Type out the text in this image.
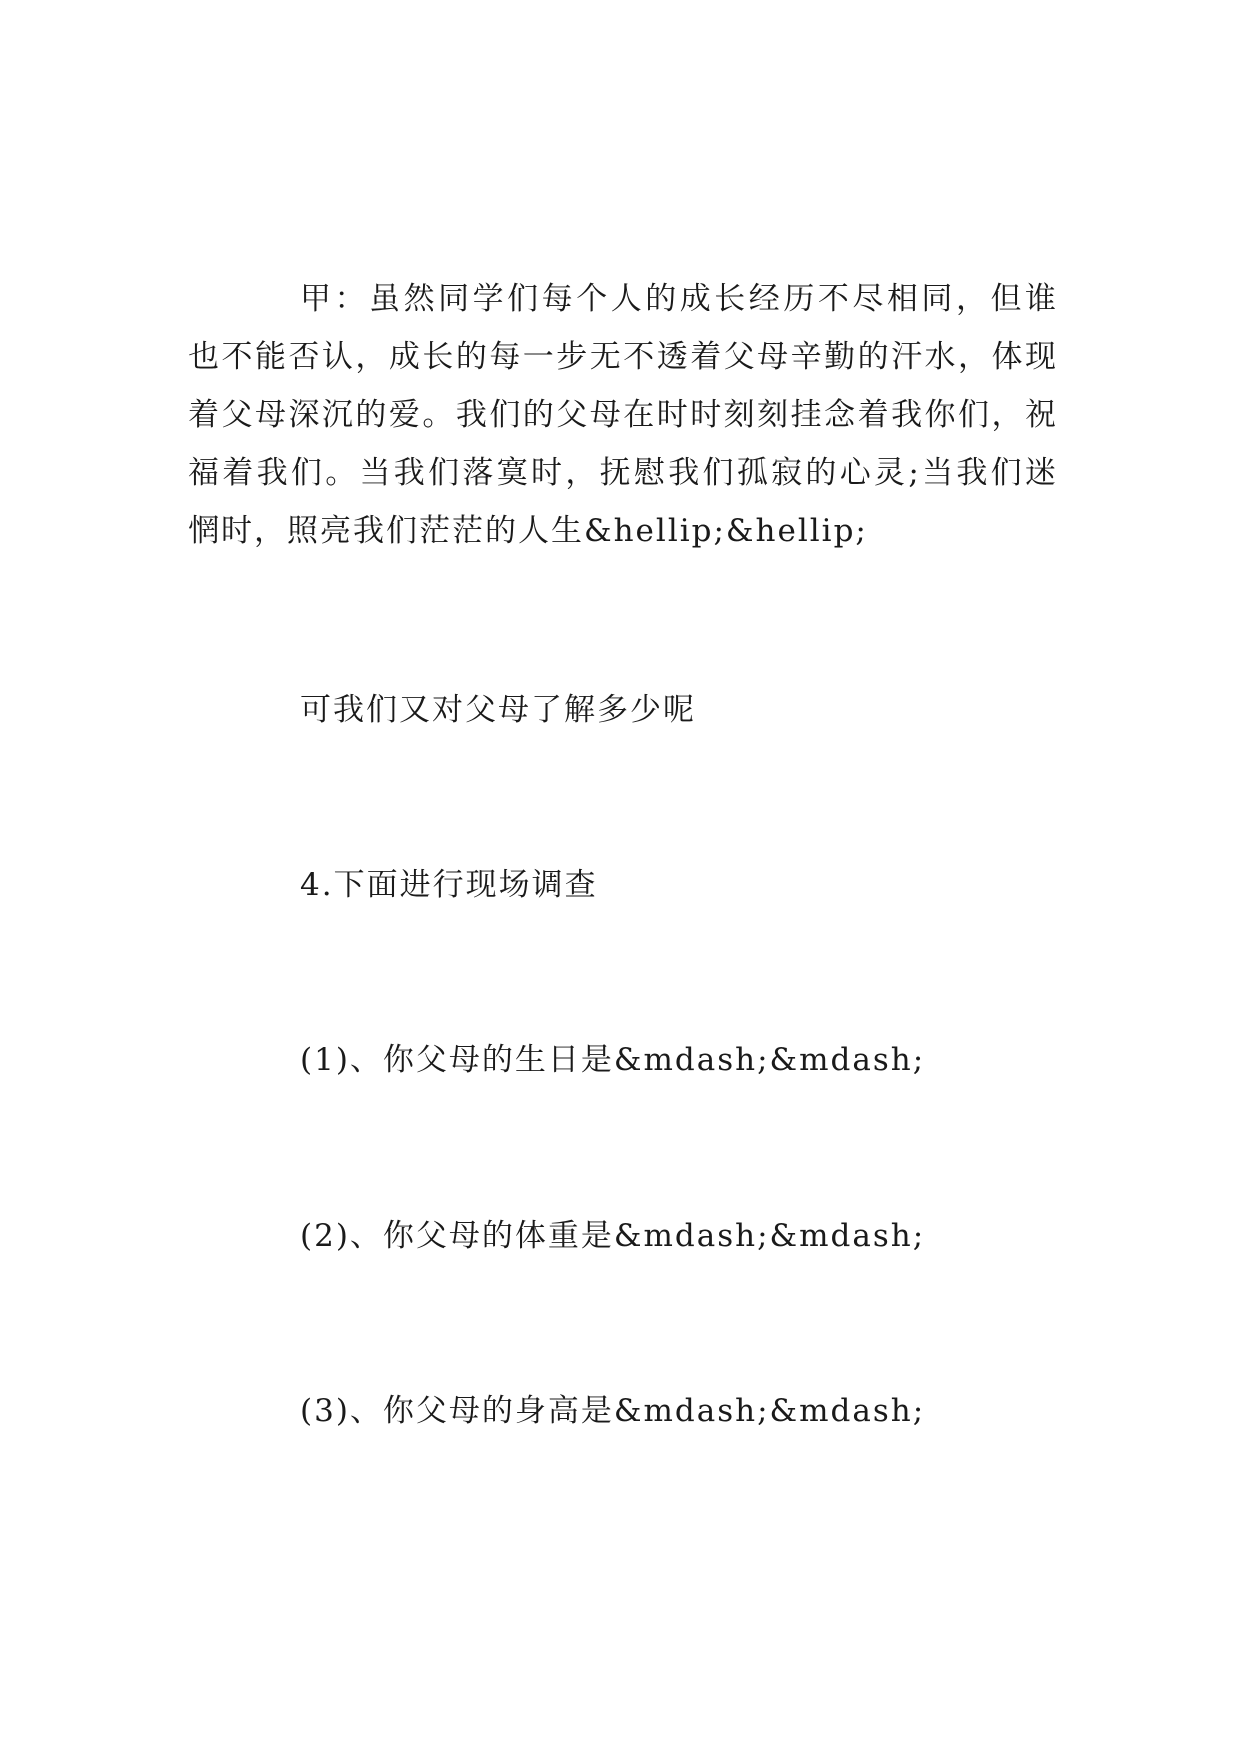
甲：虽然同学们每个人的成长经历不尽相同，但谁也不能否认，成长的每一步无不透着父母辛勤的汗水，体现着父母深沉的爱。我们的父母在时时刻刻挂念着我你们，祝福着我们。当我们落寞时，抚慰我们孤寂的心灵;当我们迷惘时，照亮我们茫茫的人生&hellip;&hellip;

可我们又对父母了解多少呢

4.下面进行现场调查

(1)、你父母的生日是&mdash;&mdash;

(2)、你父母的体重是&mdash;&mdash;

(3)、你父母的身高是&mdash;&mdash;
